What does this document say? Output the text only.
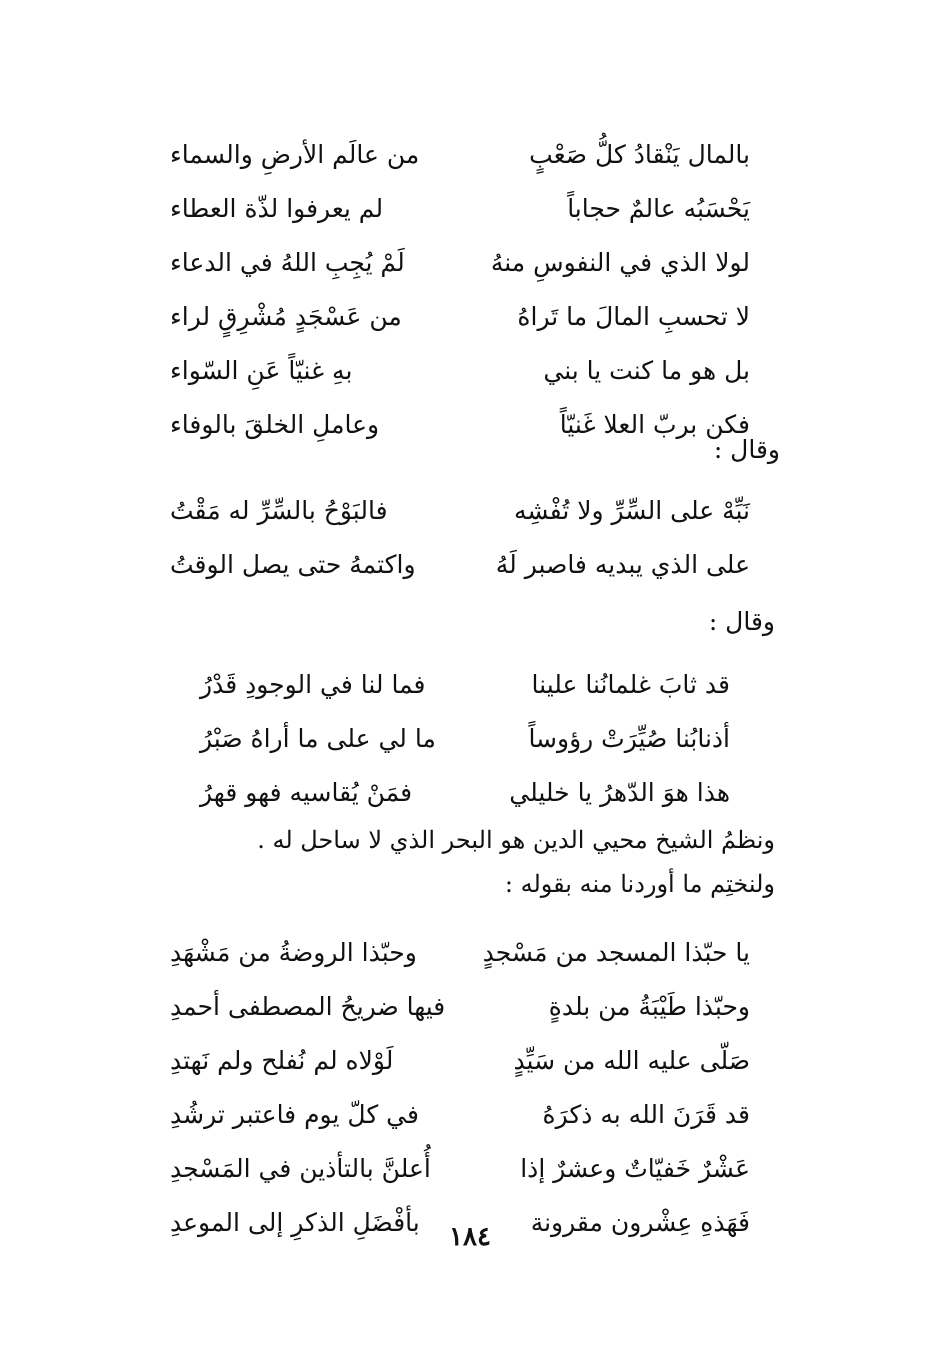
بالمال يَنْقادُ كلُّ صَعْبٍ
من عالَم الأرضِ والسماء
يَحْسَبُه عالمٌ حجاباً
لم يعرفوا لذّة العطاء
لولا الذي في النفوسِ منهُ
لَمْ يُجِبِ اللهُ في الدعاء
لا تحسبِ المالَ ما تَراهُ
من عَسْجَدٍ مُشْرِقٍ لراء
بل هو ما كنت يا بني
بهِ غنيّاً عَنِ السّواء
فكن بربّ العلا غَنيّاً
وعاملِ الخلقَ بالوفاء
وقال :
نَبِّهْ على السِّرِّ ولا تُفْشِه
فالبَوْحُ بالسِّرِّ له مَقْتُ
على الذي يبديه فاصبر لَهُ
واكتمهُ حتى يصل الوقتُ
وقال :
قد ثابَ غلمانُنا علينا
فما لنا في الوجودِ قَدْرُ
أذنابُنا صُيِّرَتْ رؤوساً
ما لي على ما أراهُ صَبْرُ
هذا هوَ الدّهرُ يا خليلي
فمَنْ يُقاسيه فهو قهرُ
ونظمُ الشيخ محيي الدين هو البحر الذي لا ساحل له .
ولنختِم ما أوردنا منه بقوله :
يا حبّذا المسجد من مَسْجدٍ
وحبّذا الروضةُ من مَشْهَدِ
وحبّذا طَيْبَةُ من بلدةٍ
فيها ضريحُ المصطفى أحمدِ
صَلّى عليه الله من سَيِّدٍ
لَوْلاه لم نُفلح ولم نَهتدِ
قد قَرَنَ الله به ذكرَهُ
في كلّ يوم فاعتبر ترشُدِ
عَشْرٌ خَفيّاتٌ وعشرٌ إذا
أُعلنَّ بالتأذين في المَسْجدِ
فَهَذهِ عِشْرون مقرونة
بأفْضَلِ الذكرِ إلى الموعدِ	١٨٤
